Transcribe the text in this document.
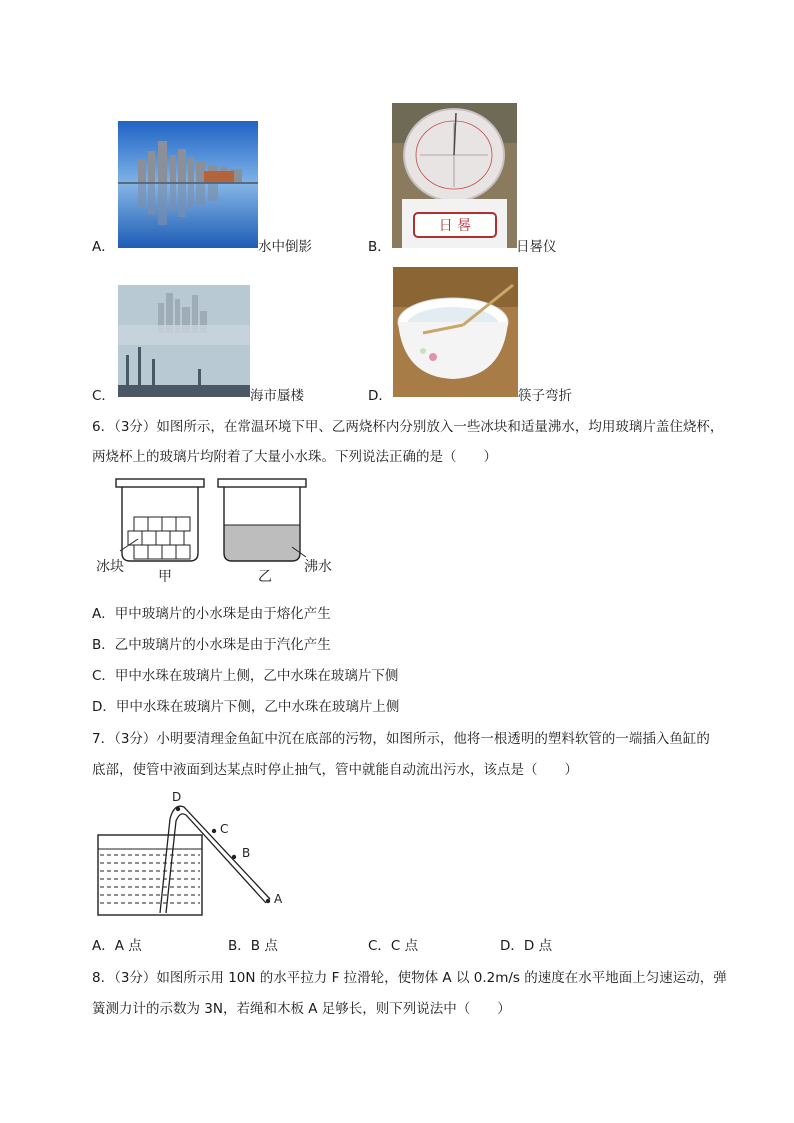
A．	水中倒影	B．
日 晷
日晷仪
C．	海市蜃楼	D．	筷子弯折
6．（3分）如图所示，在常温环境下甲、乙两烧杯内分别放入一些冰块和适量沸水，均用玻璃片盖住烧杯，
两烧杯上的玻璃片均附着了大量小水珠。下列说法正确的是（　　）
冰块
甲	乙
沸水
A．甲中玻璃片的小水珠是由于熔化产生
B．乙中玻璃片的小水珠是由于汽化产生
C．甲中水珠在玻璃片上侧，乙中水珠在玻璃片下侧
D．甲中水珠在玻璃片下侧，乙中水珠在玻璃片上侧
7．（3分）小明要清理金鱼缸中沉在底部的污物，如图所示，他将一根透明的塑料软管的一端插入鱼缸的
底部，使管中液面到达某点时停止抽气，管中就能自动流出污水，该点是（　　）
D
C
B
A
A．A 点	B．B 点	C．C 点	D．D 点
8．（3分）如图所示用 10N 的水平拉力 F 拉滑轮，使物体 A 以 0.2m/s 的速度在水平地面上匀速运动，弹
簧测力计的示数为 3N，若绳和木板 A 足够长，则下列说法中（　　）
